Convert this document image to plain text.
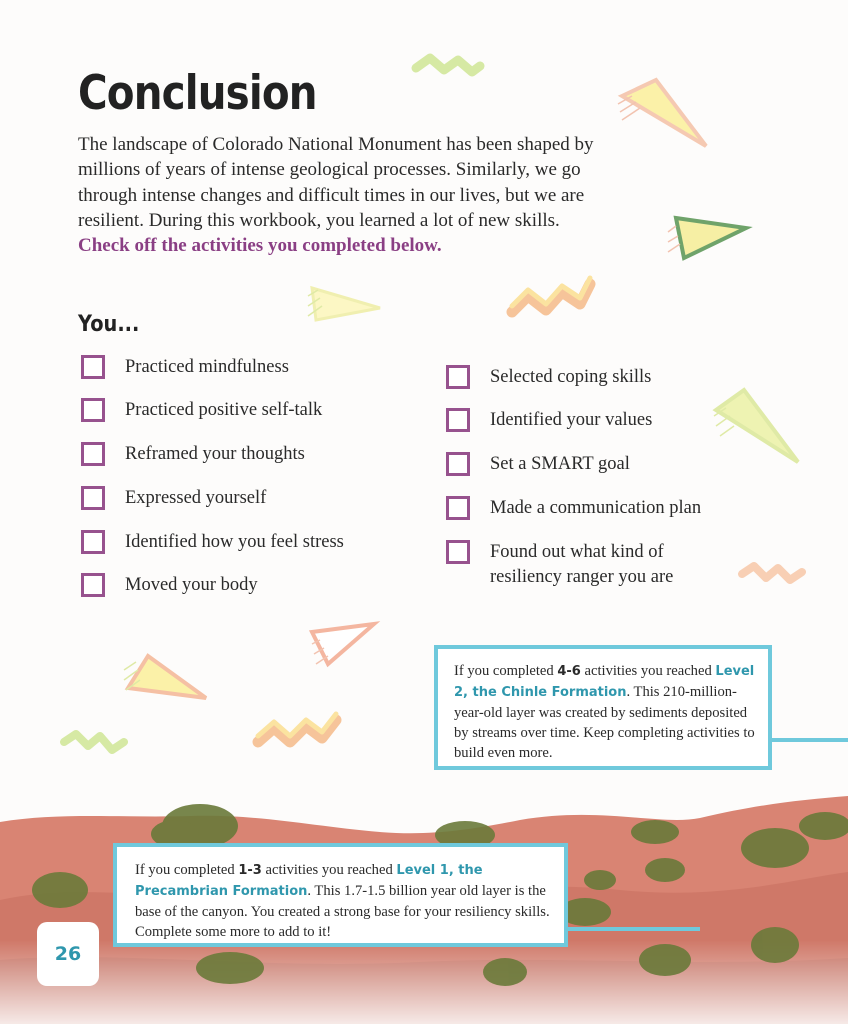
Conclusion

The landscape of Colorado National Monument has been shaped by millions of years of intense geological processes. Similarly, we go through intense changes and difficult times in our lives, but we are resilient. During this workbook, you learned a lot of new skills. Check off the activities you completed below.

You...
Practiced mindfulness
Practiced positive self-talk
Reframed your thoughts
Expressed yourself
Identified how you feel stress
Moved your body
Selected coping skills
Identified your values
Set a SMART goal
Made a communication plan
Found out what kind of resiliency ranger you are
If you completed 4-6 activities you reached Level 2, the Chinle Formation. This 210-million-year-old layer was created by sediments deposited by streams over time. Keep completing activities to build even more.
If you completed 1-3 activities you reached Level 1, the Precambrian Formation. This 1.7-1.5 billion year old layer is the base of the canyon. You created a strong base for your resiliency skills. Complete some more to add to it!
26
